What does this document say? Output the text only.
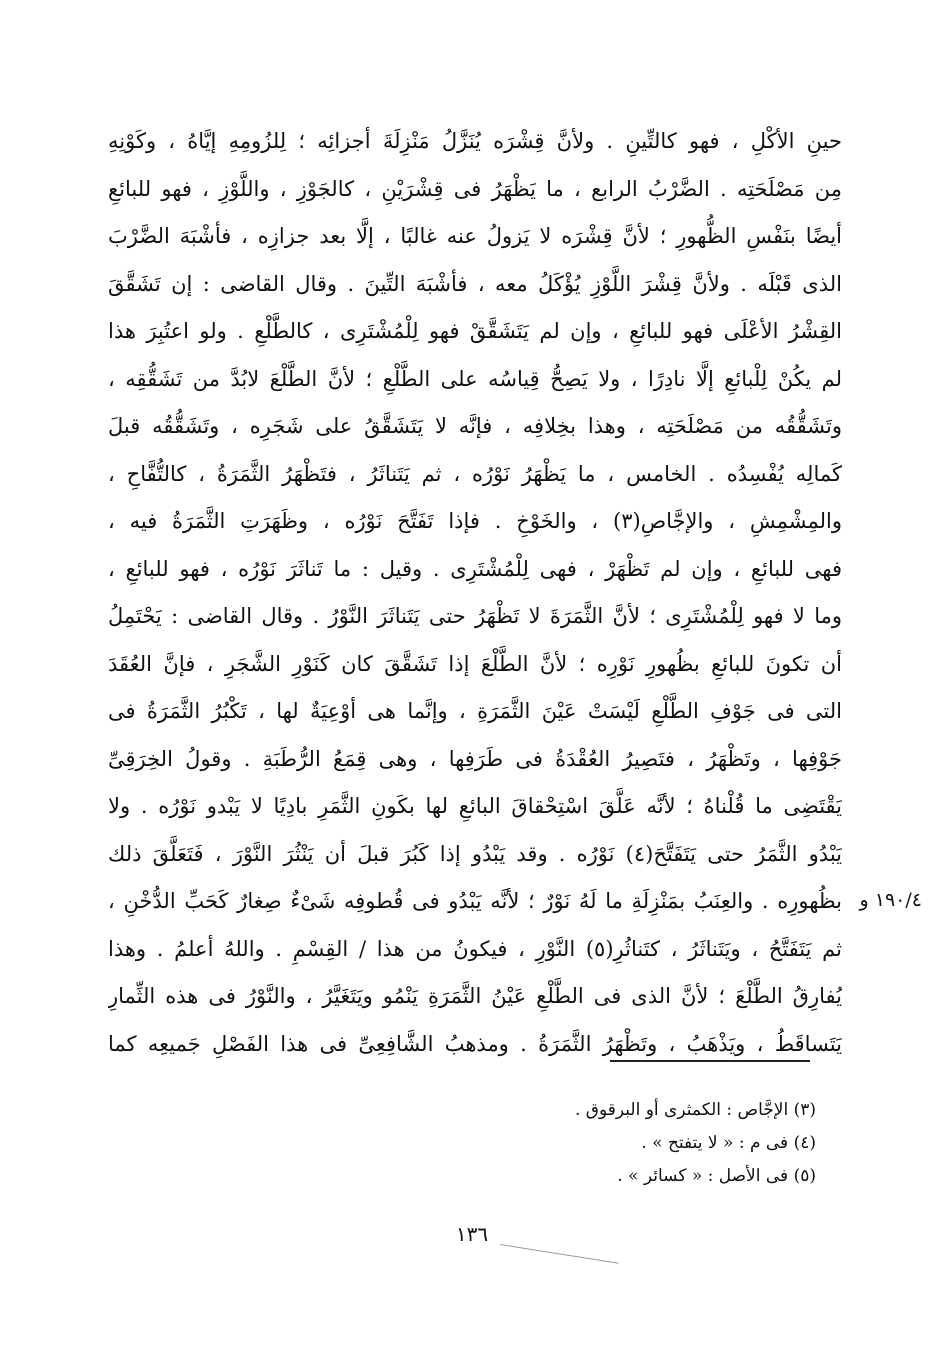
حينِ الأكْلِ ، فهو كالتِّينِ . ولأنَّ قِشْرَه يُنَزَّلُ مَنْزِلَةَ أجزائِه ؛ لِلزُومِهِ إيَّاهُ ، وكَوْنِهِ
مِن مَصْلَحَتِه . الضَّرْبُ الرابع ، ما يَظْهَرُ فى قِشْرَيْنِ ، كالجَوْزِ ، واللَّوْزِ ، فهو للبائعِ
أيضًا بنَفْسِ الظُّهورِ ؛ لأنَّ قِشْرَه لا يَزولُ عنه غالبًا ، إلَّا بعد جزازِه ، فأشْبَهَ الضَّرْبَ
الذى قَبْلَه . ولأنَّ قِشْرَ اللَّوْزِ يُؤْكَلُ معه ، فأشْبَهَ التِّينَ . وقال القاضى : إن تَشَقَّقَ
القِشْرُ الأعْلَى فهو للبائعِ ، وإن لم يَتَشَقَّقْ فهو لِلْمُشْتَرِى ، كالطَّلْعِ . ولو اعتُبِرَ هذا
لم يكُنْ لِلْبائعِ إلَّا نادِرًا ، ولا يَصِحُّ قِياسُه على الطَّلْعِ ؛ لأنَّ الطَّلْعَ لابُدَّ من تَشَقُّقِه ،
وتَشَقُّقُه من مَصْلَحَتِه ، وهذا بخِلافِه ، فإنَّه لا يَتَشَقَّقُ على شَجَرِه ، وتَشَقُّقُه قبلَ
كَمالِه يُفْسِدُه . الخامس ، ما يَظْهَرُ نَوْرُه ، ثم يَتَناثَرُ ، فتَظْهَرُ الثَّمَرَةُ ، كالتُّفَّاحِ ،
والمِشْمِشِ ، والإجَّاصِ(٣) ، والخَوْخِ . فإذا تَفَتَّحَ نَوْرُه ، وظَهَرَتِ الثَّمَرَةُ فيه ،
فهى للبائعِ ، وإن لم تَظْهَرْ ، فهى لِلْمُشْتَرِى . وقيل : ما تَناثَرَ نَوْرُه ، فهو للبائعِ ،
وما لا فهو لِلْمُشْتَرِى ؛ لأنَّ الثَّمَرَةَ لا تَظْهَرُ حتى يَتَناثَرَ النَّوْرُ . وقال القاضى : يَحْتَمِلُ
أن تكونَ للبائعِ بظُهورِ نَوْرِه ؛ لأنَّ الطَّلْعَ إذا تَشَقَّقَ كان كَنَوْرِ الشَّجَرِ ، فإنَّ العُقَدَ
التى فى جَوْفِ الطَّلْعِ لَيْسَتْ عَيْنَ الثَّمَرَةِ ، وإنَّما هى أوْعِيَةٌ لها ، تَكْبُرُ الثَّمَرَةُ فى
جَوْفِها ، وتَظْهَرُ ، فتَصِيرُ العُقْدَةُ فى طَرَفِها ، وهى قِمَعُ الرُّطَبَةِ . وقولُ الخِرَقِىِّ
يَقْتَضِى ما قُلْناهُ ؛ لأنَّه عَلَّقَ اسْتِحْقاقَ البائعِ لها بكَونِ الثَّمَرِ بادِيًا لا يَبْدو نَوْرُه . ولا
يَبْدُو الثَّمَرُ حتى يَتَفَتَّحَ(٤) نَوْرُه . وقد يَبْدُو إذا كَبُرَ قبلَ أن يَنْثُرَ النَّوْرَ ، فَتَعَلَّقَ ذلك
بظُهورِه . والعِنَبُ بمَنْزِلَةِ ما لَهُ نَوْرٌ ؛ لأنَّه يَبْدُو فى قُطوفِه شَىْءٌ صِغارٌ كَحَبِّ الدُّخْنِ ،
ثم يَتَفَتَّحُ ، ويَتَناثَرُ ، كتَناثُرِ(٥) النَّوْرِ ، فيكونُ من هذا / القِسْمِ . واللهُ أعلمُ . وهذا
يُفارِقُ الطَّلْعَ ؛ لأنَّ الذى فى الطَّلْعِ عَيْنُ الثَّمَرَةِ يَنْمُو ويَتَغَيَّرُ ، والنَّوْرُ فى هذه الثِّمارِ
يَتَساقَطُ ، ويَذْهَبُ ، وتَظْهَرُ الثَّمَرَةُ . ومذهبُ الشَّافِعِىِّ فى هذا الفَصْلِ جَميعِه كما
١٩٠/٤ و
(٣) الإجَّاص : الكمثرى أو البرقوق .
(٤) فى م : « لا يتفتح » .
(٥) فى الأصل : « كسائر » .
١٣٦
